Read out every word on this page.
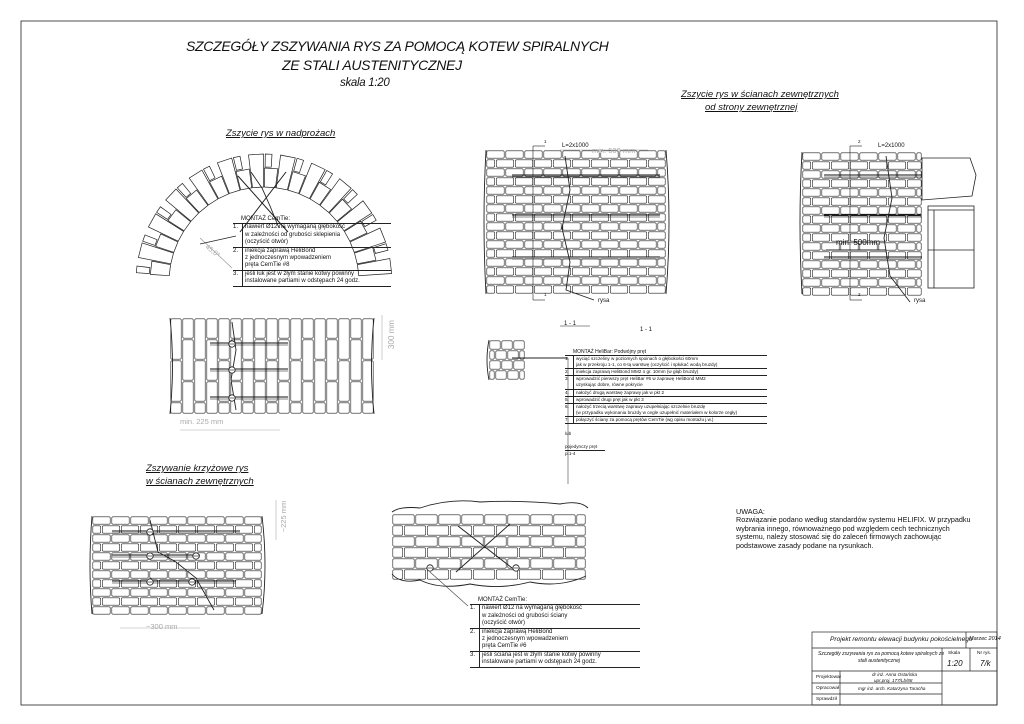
SZCZEGÓŁY ZSZYWANIA RYS ZA POMOCĄ KOTEW SPIRALNYCH
ZE STALI AUSTENITYCZNEJ
skala 1:20
Zszycie rys w nadprożach
Zszycie rys w ścianach zewnętrznych
od strony zewnętrznej
Zszywanie krzyżowe rys
w ścianach zewnętrznych
L=2x1000	L=2x1000
min. 500 mm
min. 500mm
300 mm
min. 225 mm
~225 mm
~300 mm
45,0°
rysa	rysa
1 - 1
1 - 1
1
1
2
2
MONTAŻ CemTie:
1.	nawiert Ø12 na wymaganą głębokość
w zależności od grubości sklepienia
(oczyścić otwór)
2.	iniekcja zaprawą HeliBond
z jednoczesnym wpowadzeniem
pręta CemTie #8
3.	jeśli łuk jest w złym stanie kotwy powinny
instalowane partiami w odstępach 24 godz.
MONTAŻ CemTie:
1.	nawiert Ø12 na wymaganą głębokość
w zależności od grubości ściany
(oczyścić otwór)
2.	iniekcja zaprawą HeliBond
z jednoczesnym wpowadzeniem
pręta CemTie #6
3.	jeśli ściana jest w złym stanie kotwy powinny
instalowane partiami w odstępach 24 godz.
MONTAŻ HeliBar: Podwójny pręt
1.	wyciąć szczeliny w poziomych spoinach o głębokości 60mm
jak w przekroju 1-1, co 6-tą warstwę (oczyścić i spłukać wodą bruzdy)
2.	iniekcja zaprawą HeliBond MM2 o gr. 10mm (w głąb bruzdy)
3.	wprowadzić pierwszy pręt HeliBar #6 w zaprawę HeliBond MM2
uzyskując dobre, równe pokrycie
4.	nałożyć drugą warstwę zaprawy jak w pkt 2
5.	wprowadzić drugi pręt jak w pkt 3
6.	nałożyć trzecią warstwę zaprawy uzupełniając szczelnie bruzdę
(w przypadku wykonania bruzdy w cegle uzupełnić materiałem w kolorze cegły)
7.	połączyć ściany za pomocą prętów CemTie (wg opisu montażu j.w.)
lub
pojedynczy pręt
p.1-4
UWAGA:
Rozwiązanie podano według standardów systemu HELIFIX. W przypadku
wybrania innego, równoważnego pod względem cech technicznych
systemu, należy stosować się do zaleceń firmowych zachowując
podstawowe zasady podane na rysunkach.
Projekt remontu elewacji budynku pokościelnego
Marzec 2014
Szczegóły zszywania rys za pomocą kotew spiralnych ze
stali austenitycznej
Skala
1:20
Nr rys.
7/k
Projektował
dr inż. Anna Ostańska
upr.proj. 177/Lb/88
Opracował	mgr inż. arch. Katarzyna Taracha
Sprawdził
